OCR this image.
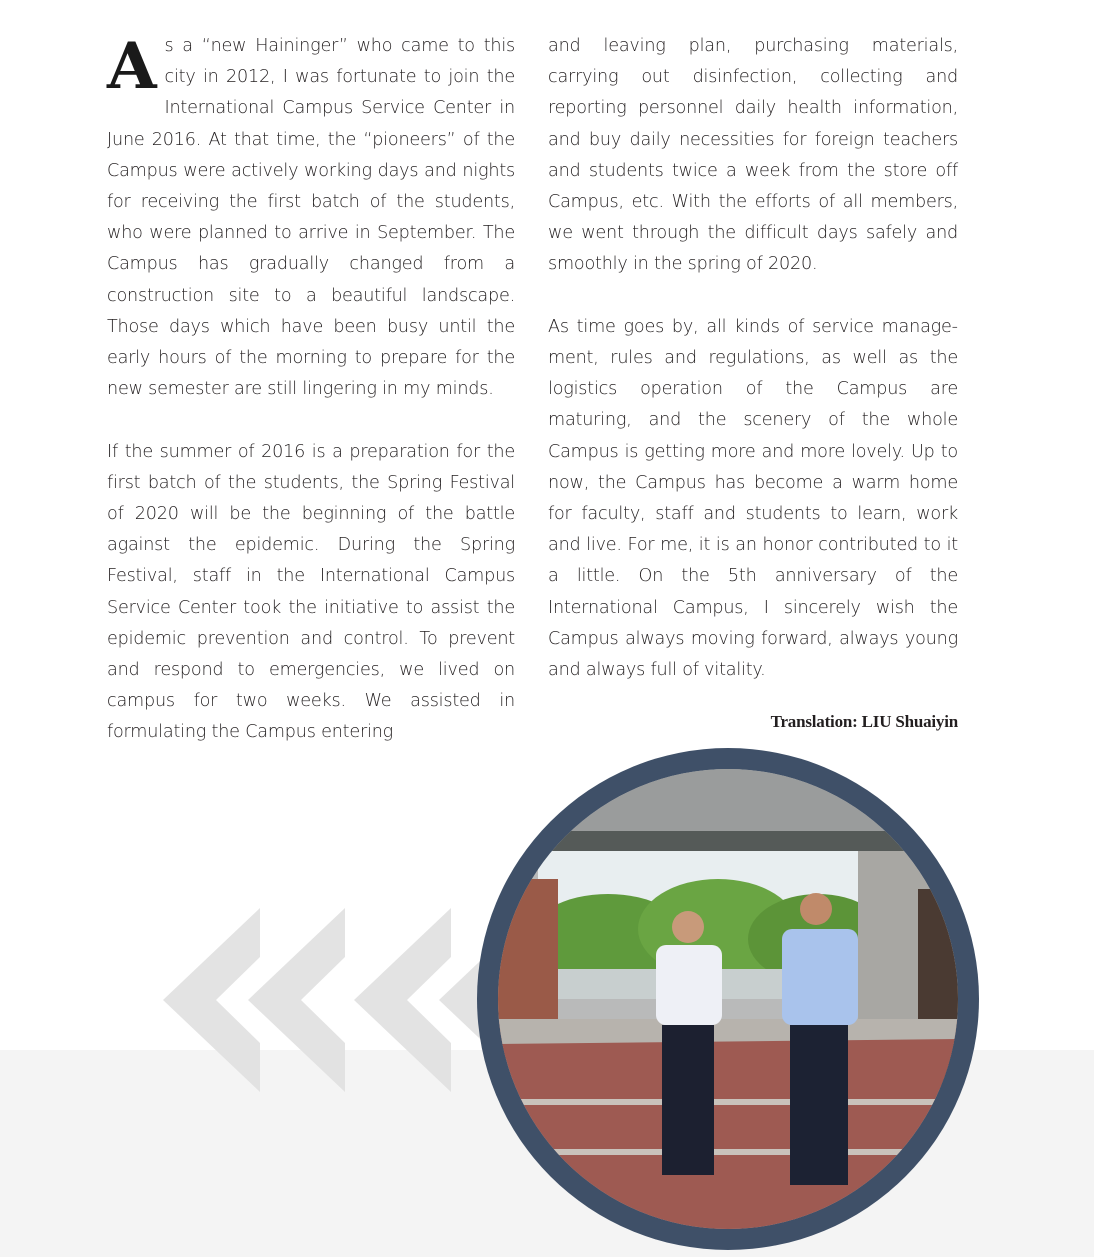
As a “new Haininger” who came to this city in 2012, I was fortunate to join the International Campus Service Center in June 2016. At that time, the “pioneers” of the Campus were actively working days and nights for receiving the first batch of the students, who were planned to arrive in September. The Campus has gradually changed from a construction site to a beautiful landscape. Those days which have been busy until the early hours of the morning to prepare for the new semester are still lingering in my minds.

If the summer of 2016 is a preparation for the first batch of the students, the Spring Festival of 2020 will be the beginning of the battle against the epidemic. During the Spring Festival, staff in the International Campus Service Center took the initiative to assist the epidemic prevention and control. To prevent and respond to emergencies, we lived on campus for two weeks. We assisted in formulating the Campus entering

and leaving plan, purchasing materials, carrying out disinfection, collecting and reporting personnel daily health information, and buy daily necessities for foreign teachers and students twice a week from the store off Campus, etc. With the efforts of all members, we went through the difficult days safely and smoothly in the spring of 2020.

As time goes by, all kinds of service management, rules and regulations, as well as the logistics operation of the Campus are maturing, and the scenery of the whole Campus is getting more and more lovely. Up to now, the Campus has become a warm home for faculty, staff and students to learn, work and live. For me, it is an honor contributed to it a little. On the 5th anniversary of the International Campus, I sincerely wish the Campus always moving forward, always young and always full of vitality.

Translation: LIU Shuaiyin
